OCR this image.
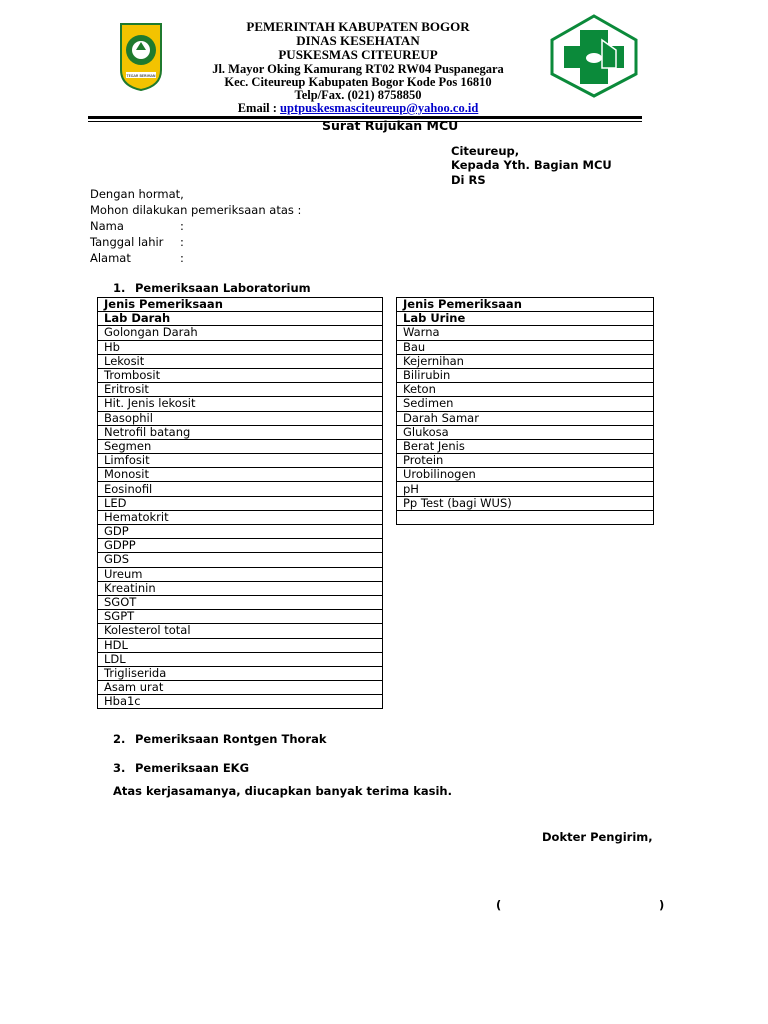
TEGAR BERIMAN
PEMERINTAH KABUPATEN BOGOR
DINAS KESEHATAN
PUSKESMAS CITEUREUP
Jl. Mayor Oking Kamurang RT02 RW04 Puspanegara
Kec. Citeureup Kabupaten Bogor Kode Pos 16810
Telp/Fax. (021) 8758850
Email : uptpuskesmasciteureup@yahoo.co.id
Surat Rujukan MCU
Citeureup,
Kepada Yth. Bagian MCU
Di RS
Dengan hormat,
Mohon dilakukan pemeriksaan atas :
Nama	:
Tanggal lahir :
Alamat	:
1. Pemeriksaan Laboratorium
Jenis Pemeriksaan
Lab Darah
Golongan Darah
Hb
Lekosit
Trombosit
Eritrosit
Hit. Jenis lekosit
Basophil
Netrofil batang
Segmen
Limfosit
Monosit
Eosinofil
LED
Hematokrit
GDP
GDPP
GDS
Ureum
Kreatinin
SGOT
SGPT
Kolesterol total
HDL
LDL
Trigliserida
Asam urat
Hba1c
Jenis Pemeriksaan
Lab Urine
Warna
Bau
Kejernihan
Bilirubin
Keton
Sedimen
Darah Samar
Glukosa
Berat Jenis
Protein
Urobilinogen
pH
Pp Test (bagi WUS)

2. Pemeriksaan Rontgen Thorak
3. Pemeriksaan EKG
Atas kerjasamanya, diucapkan banyak terima kasih.
Dokter Pengirim,
(	)
